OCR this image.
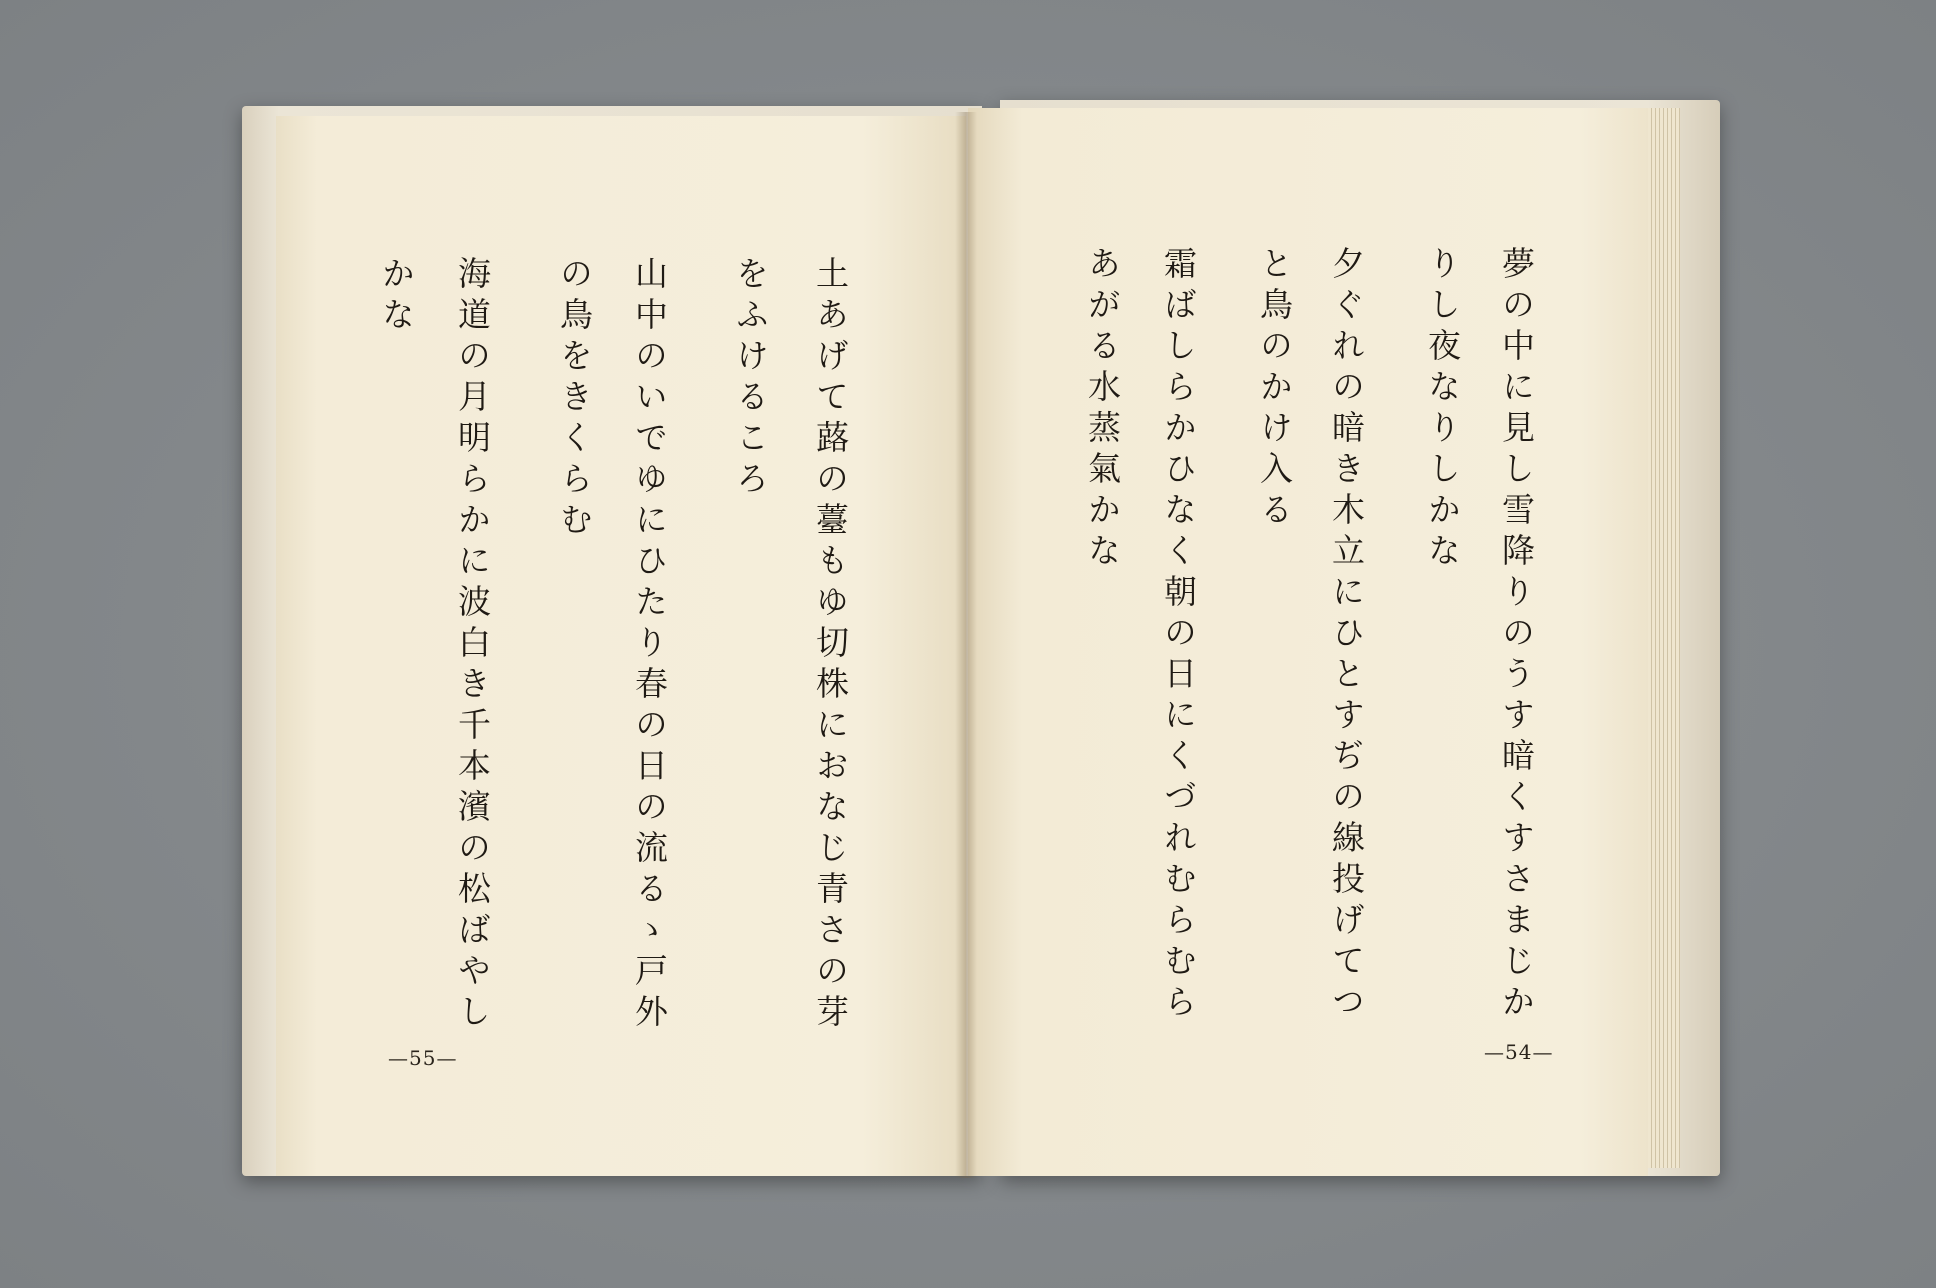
土あげて蕗の薹もゆ切株におなじ青さの芽

をふけるころ

山中のいでゆにひたり春の日の流るゝ戸外

の鳥をきくらむ

海道の月明らかに波白き千本濱の松ばやし

かな

—55—

夢の中に見し雪降りのうす暗くすさまじか

りし夜なりしかな

夕ぐれの暗き木立にひとすぢの線投げてつ

と鳥のかけ入る

霜ばしらかひなく朝の日にくづれむらむら

あがる水蒸氣かな

—54—
